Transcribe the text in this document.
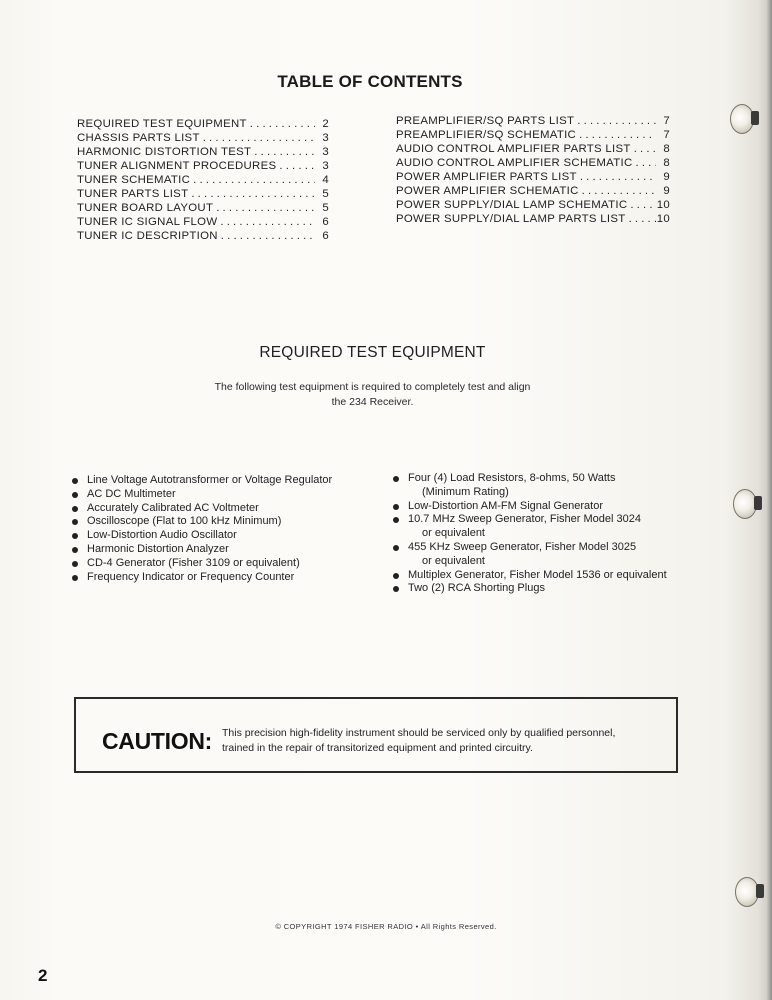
TABLE OF CONTENTS
REQUIRED TEST EQUIPMENT . . .	2
CHASSIS PARTS LIST . . .	3
HARMONIC DISTORTION TEST . . .	3
TUNER ALIGNMENT PROCEDURES . . .	3
TUNER SCHEMATIC . . .	4
TUNER PARTS LIST . . .	5
TUNER BOARD LAYOUT . . .	5
TUNER IC SIGNAL FLOW . . .	6
TUNER IC DESCRIPTION . . .	6
PREAMPLIFIER/SQ PARTS LIST . . .	7
PREAMPLIFIER/SQ SCHEMATIC . . .	7
AUDIO CONTROL AMPLIFIER PARTS LIST . . .	8
AUDIO CONTROL AMPLIFIER SCHEMATIC . . .	8
POWER AMPLIFIER PARTS LIST . . .	9
POWER AMPLIFIER SCHEMATIC . . .	9
POWER SUPPLY/DIAL LAMP SCHEMATIC . . .	10
POWER SUPPLY/DIAL LAMP PARTS LIST . . .	10
REQUIRED TEST EQUIPMENT

The following test equipment is required to completely test and align
the 234 Receiver.

Line Voltage Autotransformer or Voltage Regulator
AC DC Multimeter
Accurately Calibrated AC Voltmeter
Oscilloscope (Flat to 100 kHz Minimum)
Low-Distortion Audio Oscillator
Harmonic Distortion Analyzer
CD-4 Generator (Fisher 3109 or equivalent)
Frequency Indicator or Frequency Counter
Four (4) Load Resistors, 8-ohms, 50 Watts
(Minimum Rating)
Low-Distortion AM-FM Signal Generator
10.7 MHz Sweep Generator, Fisher Model 3024
or equivalent
455 KHz Sweep Generator, Fisher Model 3025
or equivalent
Multiplex Generator, Fisher Model 1536 or equivalent
Two (2) RCA Shorting Plugs
CAUTION: This precision high-fidelity instrument should be serviced only by qualified personnel,
trained in the repair of transitorized equipment and printed circuitry.
© COPYRIGHT 1974 FISHER RADIO • All Rights Reserved.
2
